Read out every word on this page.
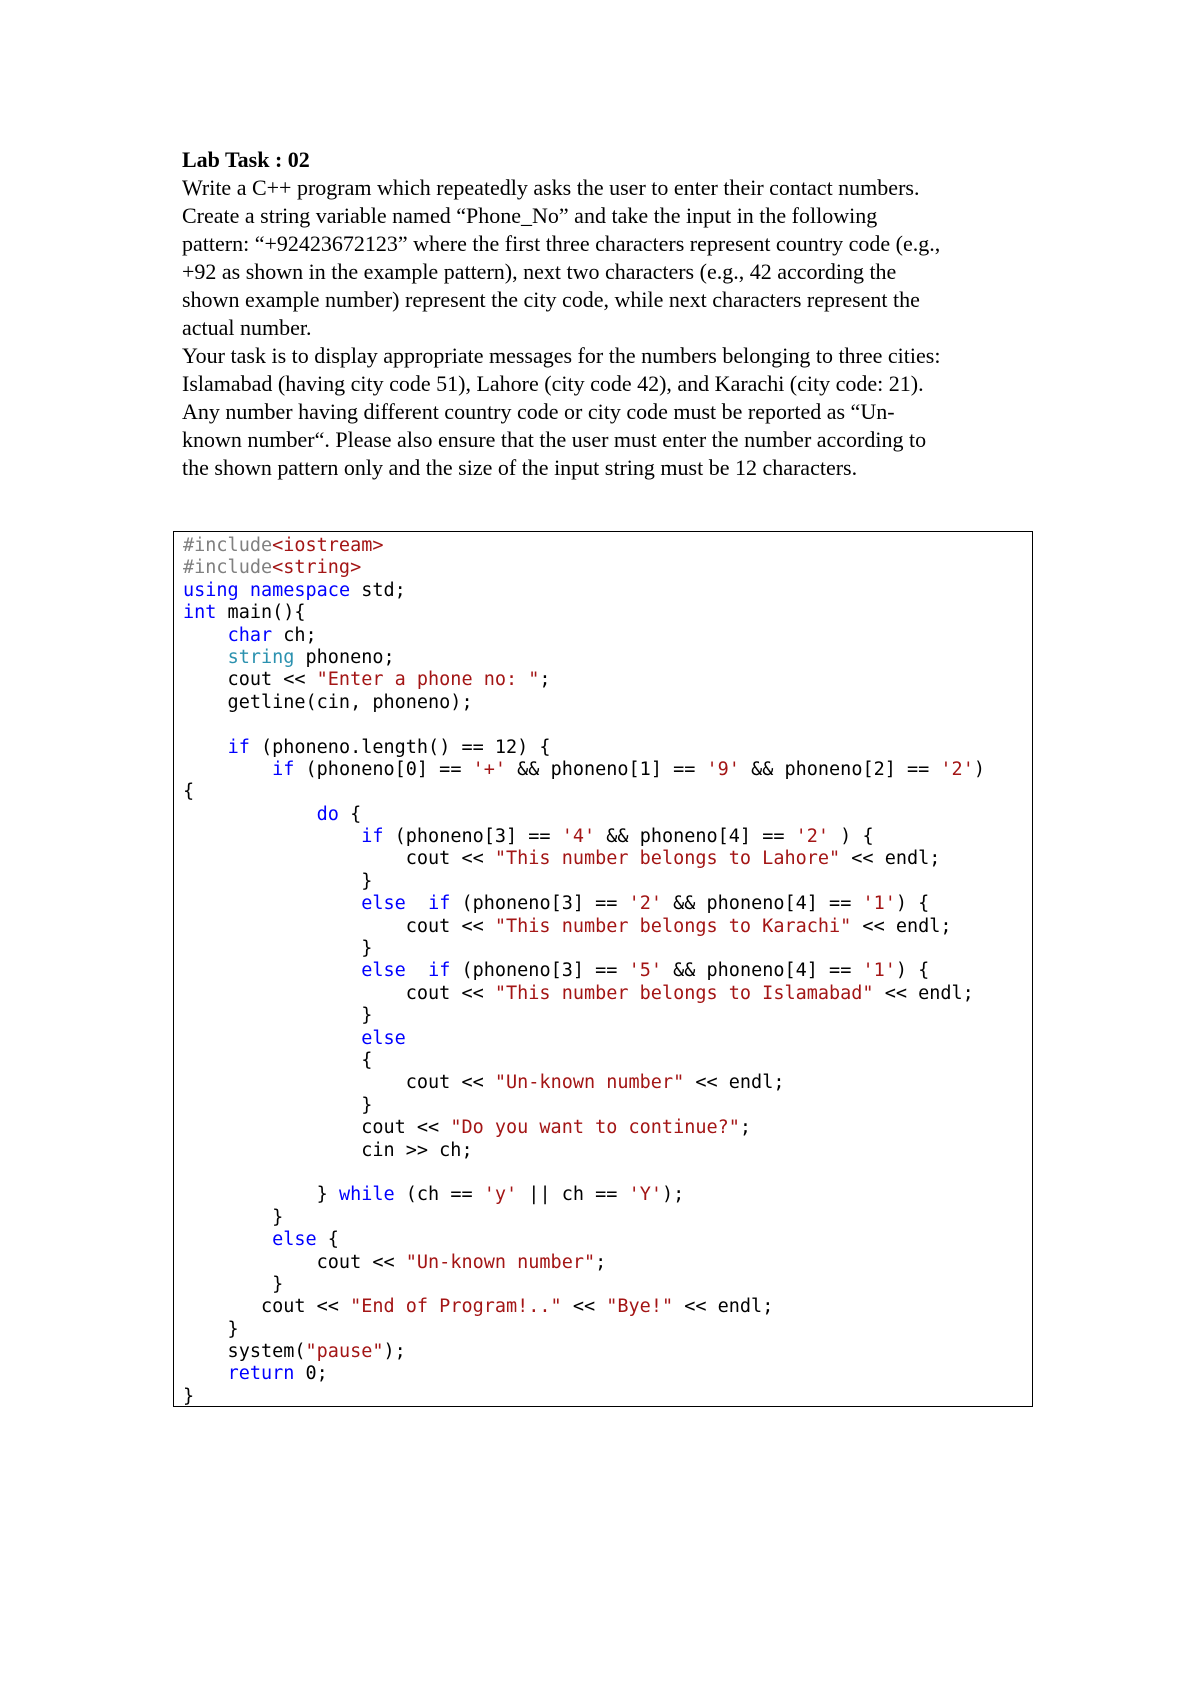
Lab Task : 02

Write a C++ program which repeatedly asks the user to enter their contact numbers.

Create a string variable named “Phone_No” and take the input in the following

pattern: “+92423672123” where the first three characters represent country code (e.g.,

+92 as shown in the example pattern), next two characters (e.g., 42 according the

shown example number) represent the city code, while next characters represent the

actual number.

Your task is to display appropriate messages for the numbers belonging to three cities:

Islamabad (having city code 51), Lahore (city code 42), and Karachi (city code: 21).

Any number having different country code or city code must be reported as “Un-

known number“. Please also ensure that the user must enter the number according to

the shown pattern only and the size of the input string must be 12 characters.

#include<iostream>
#include<string>
using namespace std;
int main(){
char ch;
string phoneno;
cout << "Enter a phone no: ";
getline(cin, phoneno);
if (phoneno.length() == 12) {
if (phoneno[0] == '+' && phoneno[1] == '9' && phoneno[2] == '2')
{
do {
if (phoneno[3] == '4' && phoneno[4] == '2' ) {
cout << "This number belongs to Lahore" << endl;
}
else if (phoneno[3] == '2' && phoneno[4] == '1') {
cout << "This number belongs to Karachi" << endl;
}
else if (phoneno[3] == '5' && phoneno[4] == '1') {
cout << "This number belongs to Islamabad" << endl;
}
else
{
cout << "Un-known number" << endl;
}
cout << "Do you want to continue?";
cin >> ch;
} while (ch == 'y' || ch == 'Y');
}
else {
cout << "Un-known number";
}
cout << "End of Program!.." << "Bye!" << endl;
}
system("pause");
return 0;
}
